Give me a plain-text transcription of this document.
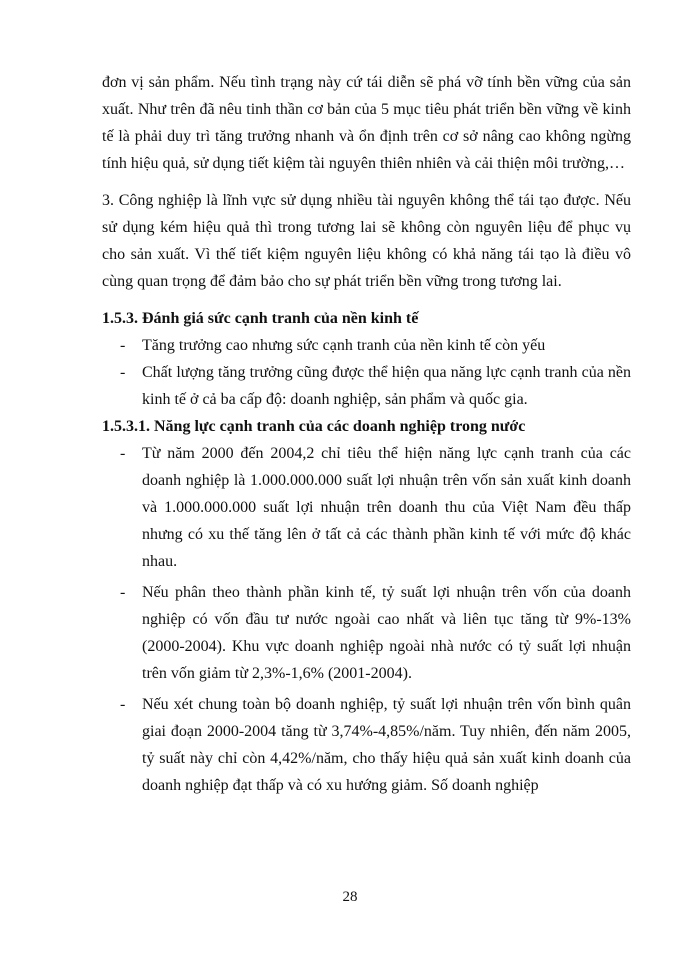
đơn vị sản phẩm. Nếu tình trạng này cứ tái diễn sẽ phá vỡ tính bền vững của sản xuất. Như trên đã nêu tinh thần cơ bản của 5 mục tiêu phát triển bền vững về kinh tế là phải duy trì tăng trưởng nhanh và ổn định trên cơ sở nâng cao không ngừng tính hiệu quả, sử dụng tiết kiệm tài nguyên thiên nhiên và cải thiện môi trường,…

3. Công nghiệp là lĩnh vực sử dụng nhiều tài nguyên không thể tái tạo được. Nếu sử dụng kém hiệu quả thì trong tương lai sẽ không còn nguyên liệu để phục vụ cho sản xuất. Vì thế tiết kiệm nguyên liệu không có khả năng tái tạo là điều vô cùng quan trọng để đảm bảo cho sự phát triển bền vững trong tương lai.

1.5.3. Đánh giá sức cạnh tranh của nền kinh tế
- Tăng trưởng cao nhưng sức cạnh tranh của nền kinh tế còn yếu

- Chất lượng tăng trưởng cũng được thể hiện qua năng lực cạnh tranh của nền kinh tế ở cả ba cấp độ: doanh nghiệp, sản phẩm và quốc gia.

1.5.3.1. Năng lực cạnh tranh của các doanh nghiệp trong nước
- Từ năm 2000 đến 2004,2 chỉ tiêu thể hiện năng lực cạnh tranh của các doanh nghiệp là 1.000.000.000 suất lợi nhuận trên vốn sản xuất kinh doanh và 1.000.000.000 suất lợi nhuận trên doanh thu của Việt Nam đều thấp nhưng có xu thế tăng lên ở tất cả các thành phần kinh tế với mức độ khác nhau.

- Nếu phân theo thành phần kinh tế, tỷ suất lợi nhuận trên vốn của doanh nghiệp có vốn đầu tư nước ngoài cao nhất và liên tục tăng từ 9%-13% (2000-2004). Khu vực doanh nghiệp ngoài nhà nước có tỷ suất lợi nhuận trên vốn giảm từ 2,3%-1,6% (2001-2004).

- Nếu xét chung toàn bộ doanh nghiệp, tỷ suất lợi nhuận trên vốn bình quân giai đoạn 2000-2004 tăng từ 3,74%-4,85%/năm. Tuy nhiên, đến năm 2005, tỷ suất này chỉ còn 4,42%/năm, cho thấy hiệu quả sản xuất kinh doanh của doanh nghiệp đạt thấp và có xu hướng giảm. Số doanh nghiệp

28
